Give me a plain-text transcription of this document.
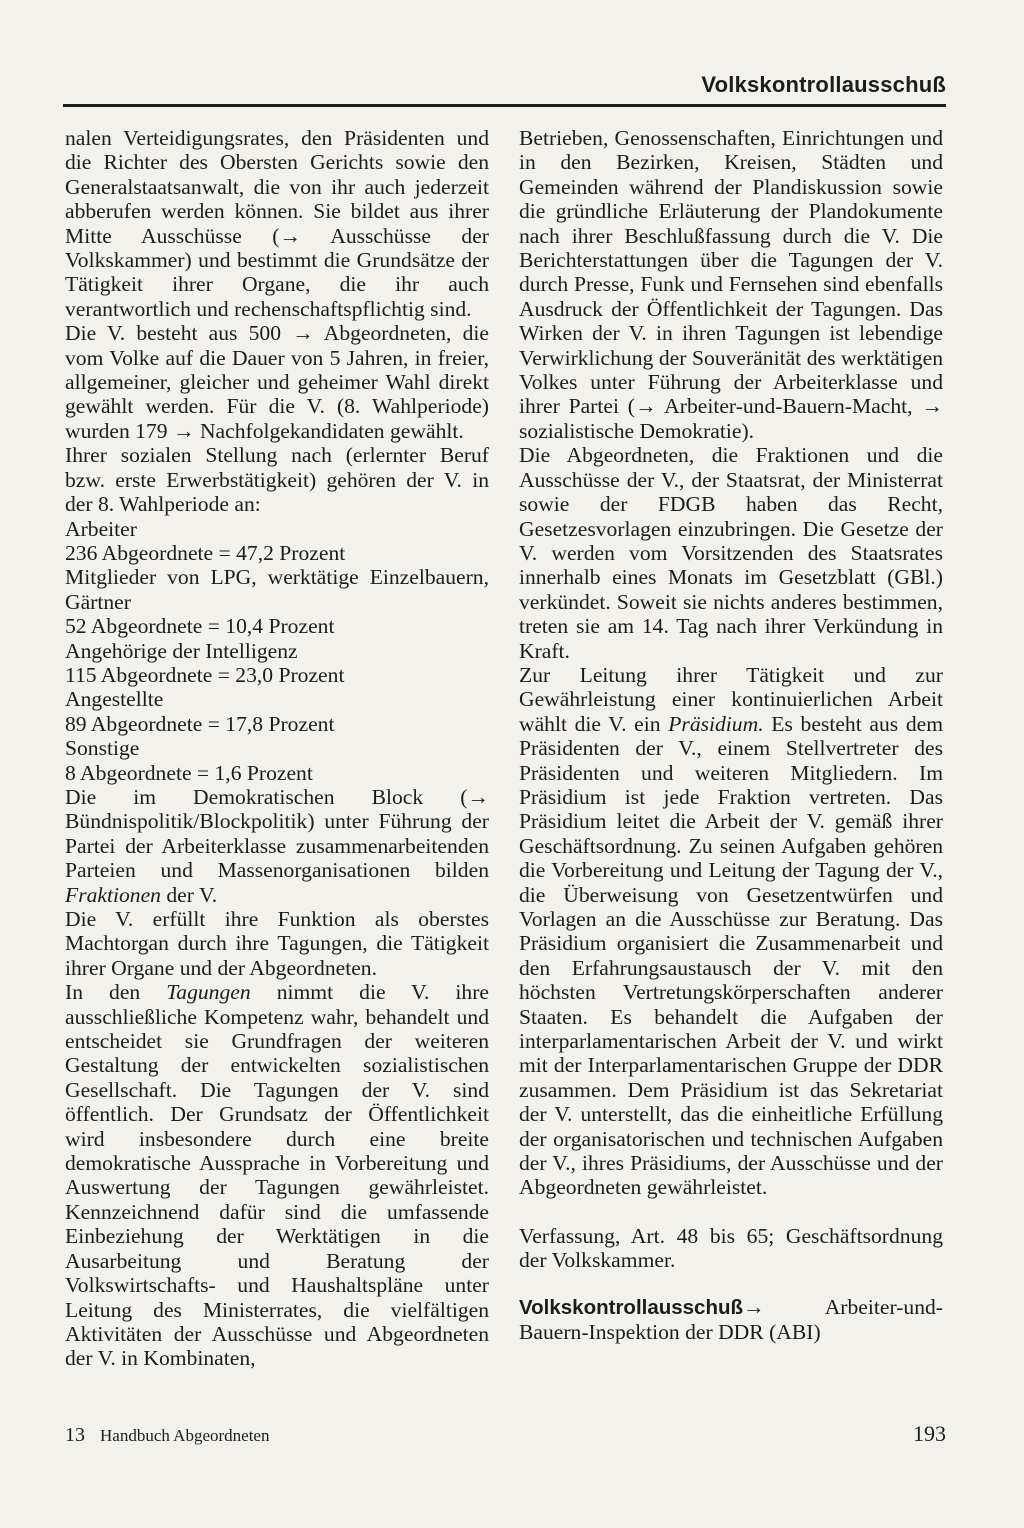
Volkskontrollausschuß

nalen Verteidigungsrates, den Präsidenten und die Richter des Obersten Gerichts sowie den Generalstaatsanwalt, die von ihr auch jederzeit abberufen werden können. Sie bildet aus ihrer Mitte Ausschüsse (→ Ausschüsse der Volkskammer) und bestimmt die Grundsätze der Tätigkeit ihrer Organe, die ihr auch verantwortlich und rechenschaftspflichtig sind.

Die V. besteht aus 500 → Abgeordneten, die vom Volke auf die Dauer von 5 Jahren, in freier, allgemeiner, gleicher und geheimer Wahl direkt gewählt werden. Für die V. (8. Wahlperiode) wurden 179 → Nachfolgekandidaten gewählt.

Ihrer sozialen Stellung nach (erlernter Beruf bzw. erste Erwerbstätigkeit) gehören der V. in der 8. Wahlperiode an:

Arbeiter

236 Abgeordnete = 47,2 Prozent

Mitglieder von LPG, werktätige Einzelbauern, Gärtner

52 Abgeordnete = 10,4 Prozent

Angehörige der Intelligenz

115 Abgeordnete = 23,0 Prozent

Angestellte

89 Abgeordnete = 17,8 Prozent

Sonstige

8 Abgeordnete = 1,6 Prozent

Die im Demokratischen Block (→ Bündnispolitik/Blockpolitik) unter Führung der Partei der Arbeiterklasse zusammenarbeitenden Parteien und Massenorganisationen bilden Fraktionen der V.

Die V. erfüllt ihre Funktion als oberstes Machtorgan durch ihre Tagungen, die Tätigkeit ihrer Organe und der Abgeordneten.

In den Tagungen nimmt die V. ihre ausschließliche Kompetenz wahr, behandelt und entscheidet sie Grundfragen der weiteren Gestaltung der entwickelten sozialistischen Gesellschaft. Die Tagungen der V. sind öffentlich. Der Grundsatz der Öffentlichkeit wird insbesondere durch eine breite demokratische Aussprache in Vorbereitung und Auswertung der Tagungen gewährleistet. Kennzeichnend dafür sind die umfassende Einbeziehung der Werktätigen in die Ausarbeitung und Beratung der Volkswirtschafts- und Haushaltspläne unter Leitung des Ministerrates, die vielfältigen Aktivitäten der Ausschüsse und Abgeordneten der V. in Kombinaten,

Betrieben, Genossenschaften, Einrichtungen und in den Bezirken, Kreisen, Städten und Gemeinden während der Plandiskussion sowie die gründliche Erläuterung der Plandokumente nach ihrer Beschlußfassung durch die V. Die Berichterstattungen über die Tagungen der V. durch Presse, Funk und Fernsehen sind ebenfalls Ausdruck der Öffentlichkeit der Tagungen. Das Wirken der V. in ihren Tagungen ist lebendige Verwirklichung der Souveränität des werktätigen Volkes unter Führung der Arbeiterklasse und ihrer Partei (→ Arbeiter-und-Bauern-Macht, → sozialistische Demokratie).

Die Abgeordneten, die Fraktionen und die Ausschüsse der V., der Staatsrat, der Ministerrat sowie der FDGB haben das Recht, Gesetzesvorlagen einzubringen. Die Gesetze der V. werden vom Vorsitzenden des Staatsrates innerhalb eines Monats im Gesetzblatt (GBl.) verkündet. Soweit sie nichts anderes bestimmen, treten sie am 14. Tag nach ihrer Verkündung in Kraft.

Zur Leitung ihrer Tätigkeit und zur Gewährleistung einer kontinuierlichen Arbeit wählt die V. ein Präsidium. Es besteht aus dem Präsidenten der V., einem Stellvertreter des Präsidenten und weiteren Mitgliedern. Im Präsidium ist jede Fraktion vertreten. Das Präsidium leitet die Arbeit der V. gemäß ihrer Geschäftsordnung. Zu seinen Aufgaben gehören die Vorbereitung und Leitung der Tagung der V., die Überweisung von Gesetzentwürfen und Vorlagen an die Ausschüsse zur Beratung. Das Präsidium organisiert die Zusammenarbeit und den Erfahrungsaustausch der V. mit den höchsten Vertretungskörperschaften anderer Staaten. Es behandelt die Aufgaben der interparlamentarischen Arbeit der V. und wirkt mit der Interparlamentarischen Gruppe der DDR zusammen. Dem Präsidium ist das Sekretariat der V. unterstellt, das die einheitliche Erfüllung der organisatorischen und technischen Aufgaben der V., ihres Präsidiums, der Ausschüsse und der Abgeordneten gewährleistet.

Verfassung, Art. 48 bis 65; Geschäftsordnung der Volkskammer.

Volkskontrollausschuß→ Arbeiter-und-Bauern-Inspektion der DDR (ABI)

13 Handbuch Abgeordneten	193
